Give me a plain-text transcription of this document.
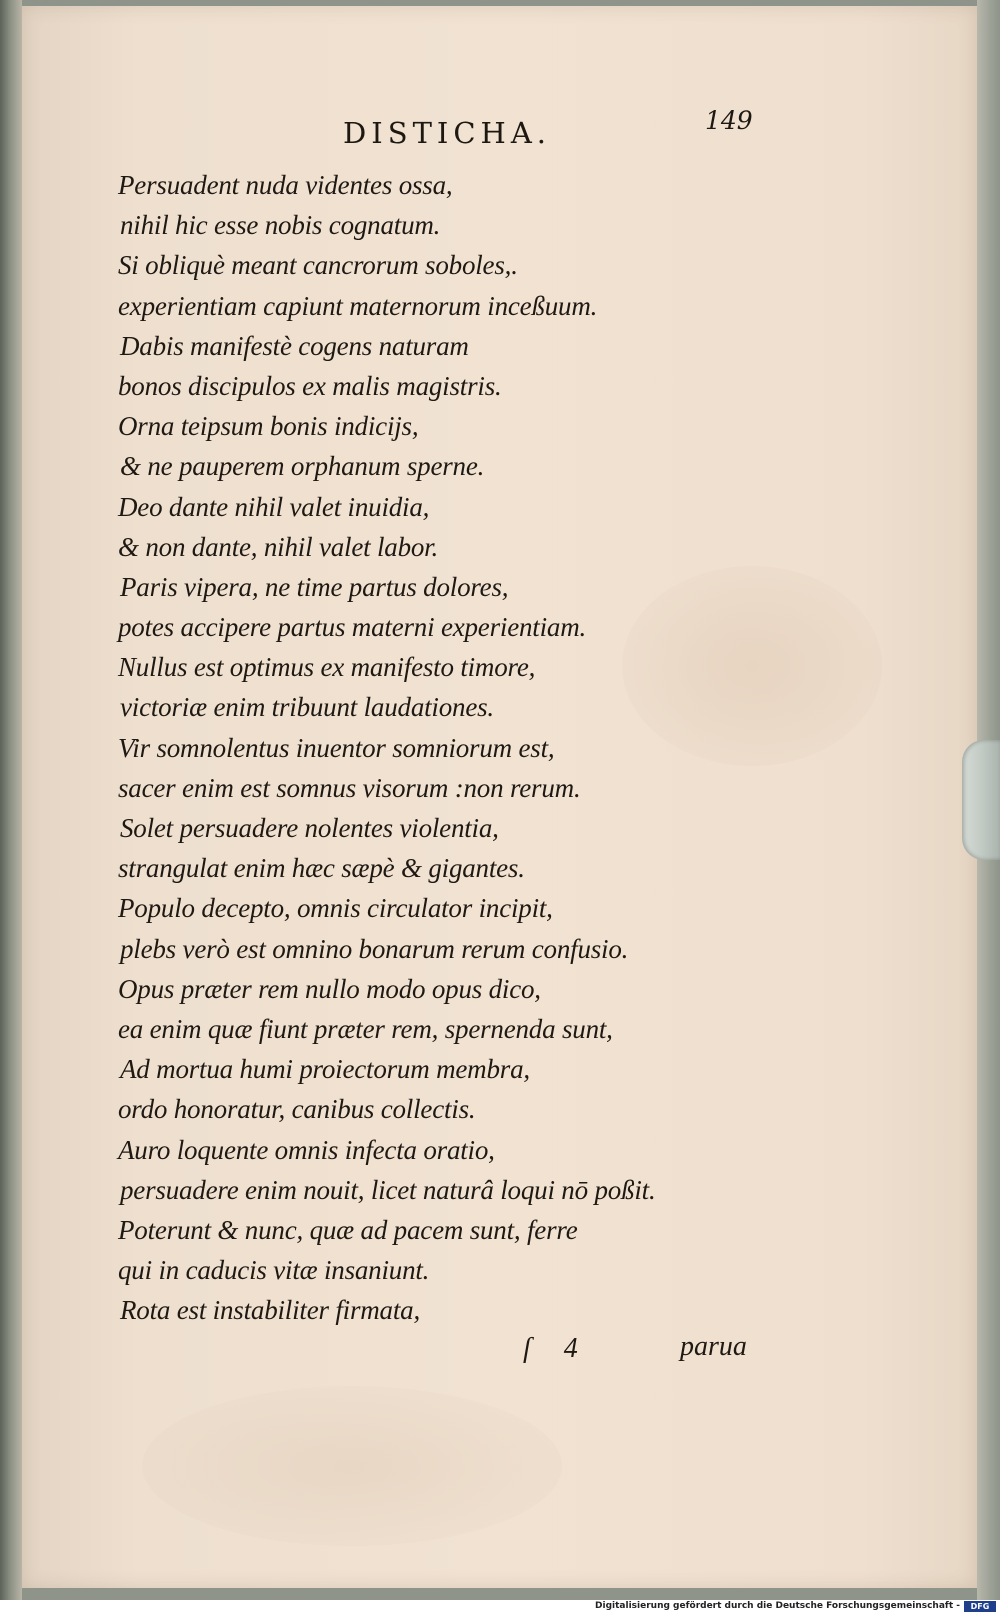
DISTICHA.	149
Persuadent nuda videntes ossa,
nihil hic esse nobis cognatum.
Si obliquè meant cancrorum soboles,.
experientiam capiunt maternorum inceßuum.
Dabis manifestè cogens naturam
bonos discipulos ex malis magistris.
Orna teipsum bonis indicijs,
& ne pauperem orphanum sperne.
Deo dante nihil valet inuidia,
& non dante, nihil valet labor.
Paris vipera, ne time partus dolores,
potes accipere partus materni experientiam.
Nullus est optimus ex manifesto timore,
victoriæ enim tribuunt laudationes.
Vir somnolentus inuentor somniorum est,
sacer enim est somnus visorum :non rerum.
Solet persuadere nolentes violentia,
strangulat enim hæc sæpè & gigantes.
Populo decepto, omnis circulator incipit,
plebs verò est omnino bonarum rerum confusio.
Opus præter rem nullo modo opus dico,
ea enim quæ fiunt præter rem, spernenda sunt,
Ad mortua humi proiectorum membra,
ordo honoratur, canibus collectis.
Auro loquente omnis infecta oratio,
persuadere enim nouit, licet naturâ loqui nō poßit.
Poterunt & nunc, quæ ad pacem sunt, ferre
qui in caducis vitæ insaniunt.
Rota est instabiliter firmata,
ſ 4	parua
Digitalisierung gefördert durch die Deutsche Forschungsgemeinschaft -	DFG
